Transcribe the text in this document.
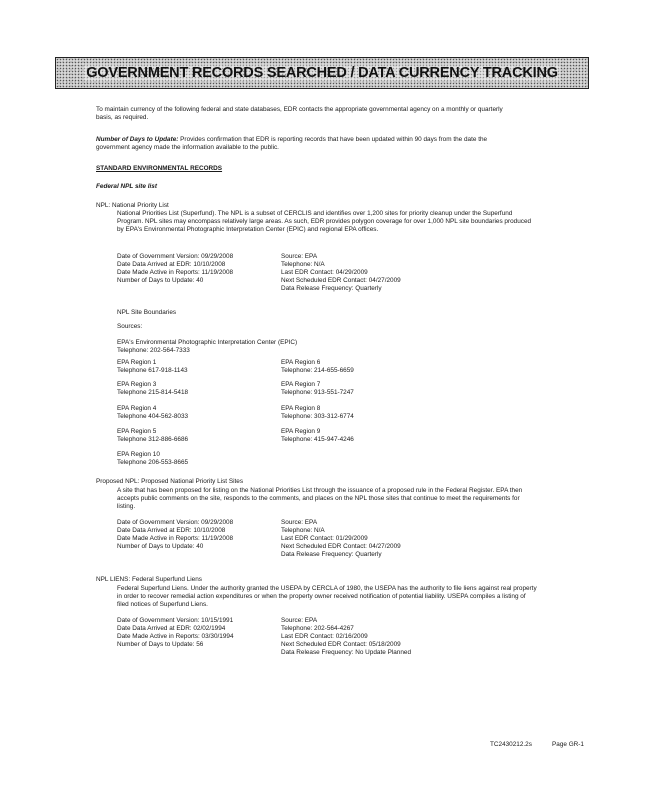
GOVERNMENT RECORDS SEARCHED / DATA CURRENCY TRACKING
To maintain currency of the following federal and state databases, EDR contacts the appropriate governmental agency on a monthly or quarterly basis, as required.
Number of Days to Update: Provides confirmation that EDR is reporting records that have been updated within 90 days from the date the government agency made the information available to the public.
STANDARD ENVIRONMENTAL RECORDS
Federal NPL site list
NPL: National Priority List
National Priorities List (Superfund). The NPL is a subset of CERCLIS and identifies over 1,200 sites for priority cleanup under the Superfund Program. NPL sites may encompass relatively large areas. As such, EDR provides polygon coverage for over 1,000 NPL site boundaries produced by EPA's Environmental Photographic Interpretation Center (EPIC) and regional EPA offices.
Date of Government Version: 09/29/2008
Date Data Arrived at EDR: 10/10/2008
Date Made Active in Reports: 11/19/2008
Number of Days to Update: 40
Source: EPA
Telephone: N/A
Last EDR Contact: 04/29/2009
Next Scheduled EDR Contact: 04/27/2009
Data Release Frequency: Quarterly
NPL Site Boundaries
Sources:
EPA's Environmental Photographic Interpretation Center (EPIC)
Telephone: 202-564-7333
EPA Region 1
Telephone 617-918-1143
EPA Region 6
Telephone: 214-655-6659
EPA Region 3
Telephone 215-814-5418
EPA Region 7
Telephone: 913-551-7247
EPA Region 4
Telephone 404-562-8033
EPA Region 8
Telephone: 303-312-6774
EPA Region 5
Telephone 312-886-6686
EPA Region 9
Telephone: 415-947-4246
EPA Region 10
Telephone 206-553-8665
Proposed NPL: Proposed National Priority List Sites
A site that has been proposed for listing on the National Priorities List through the issuance of a proposed rule in the Federal Register. EPA then accepts public comments on the site, responds to the comments, and places on the NPL those sites that continue to meet the requirements for listing.
Date of Government Version: 09/29/2008
Date Data Arrived at EDR: 10/10/2008
Date Made Active in Reports: 11/19/2008
Number of Days to Update: 40
Source: EPA
Telephone: N/A
Last EDR Contact: 01/29/2009
Next Scheduled EDR Contact: 04/27/2009
Data Release Frequency: Quarterly
NPL LIENS: Federal Superfund Liens
Federal Superfund Liens. Under the authority granted the USEPA by CERCLA of 1980, the USEPA has the authority to file liens against real property in order to recover remedial action expenditures or when the property owner received notification of potential liability. USEPA compiles a listing of filed notices of Superfund Liens.
Date of Government Version: 10/15/1991
Date Data Arrived at EDR: 02/02/1994
Date Made Active in Reports: 03/30/1994
Number of Days to Update: 56
Source: EPA
Telephone: 202-564-4267
Last EDR Contact: 02/16/2009
Next Scheduled EDR Contact: 05/18/2009
Data Release Frequency: No Update Planned
TC2430212.2s	Page GR-1
